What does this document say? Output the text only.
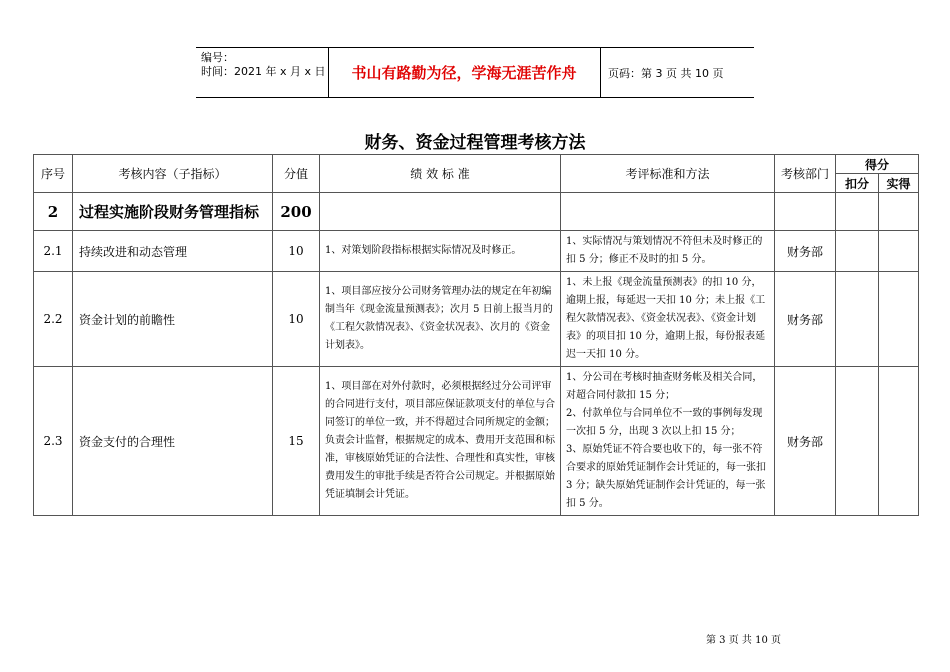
编号：
时间：2021 年 x 月 x 日	书山有路勤为径，学海无涯苦作舟	页码：第 3 页 共 10 页
财务、资金过程管理考核方法
序号	考核内容（子指标）	分值	绩 效 标 准	考评标准和方法	考核部门	得分	
						扣分	实得
2	过程实施阶段财务管理指标	200					
2.1	持续改进和动态管理	10	1、对策划阶段指标根据实际情况及时修正。	1、实际情况与策划情况不符但未及时修正的扣 5 分；修正不及时的扣 5 分。	财务部		
2.2	资金计划的前瞻性	10	1、项目部应按分公司财务管理办法的规定在年初编制当年《现金流量预测表》；次月 5 日前上报当月的《工程欠款情况表》、《资金状况表》、次月的《资金计划表》。	1、未上报《现金流量预测表》的扣 10 分，逾期上报，每延迟一天扣 10 分；未上报《工程欠款情况表》、《资金状况表》、《资金计划表》的项目扣 10 分，逾期上报，每份报表延迟一天扣 10 分。	财务部		
2.3	资金支付的合理性	15	1、项目部在对外付款时，必须根据经过分公司评审的合同进行支付，项目部应保证款项支付的单位与合同签订的单位一致，并不得超过合同所规定的金额；负责会计监督，根据规定的成本、费用开支范围和标准，审核原始凭证的合法性、合理性和真实性，审核费用发生的审批手续是否符合公司规定。并根据原始凭证填制会计凭证。	1、分公司在考核时抽查财务帐及相关合同，对超合同付款扣 15 分；
2、付款单位与合同单位不一致的事例每发现一次扣 5 分，出现 3 次以上扣 15 分；
3、原始凭证不符合要也收下的，每一张不符合要求的原始凭证制作会计凭证的，每一张扣 3 分；缺失原始凭证制作会计凭证的，每一张扣 5 分。	财务部		
第 3 页 共 10 页
